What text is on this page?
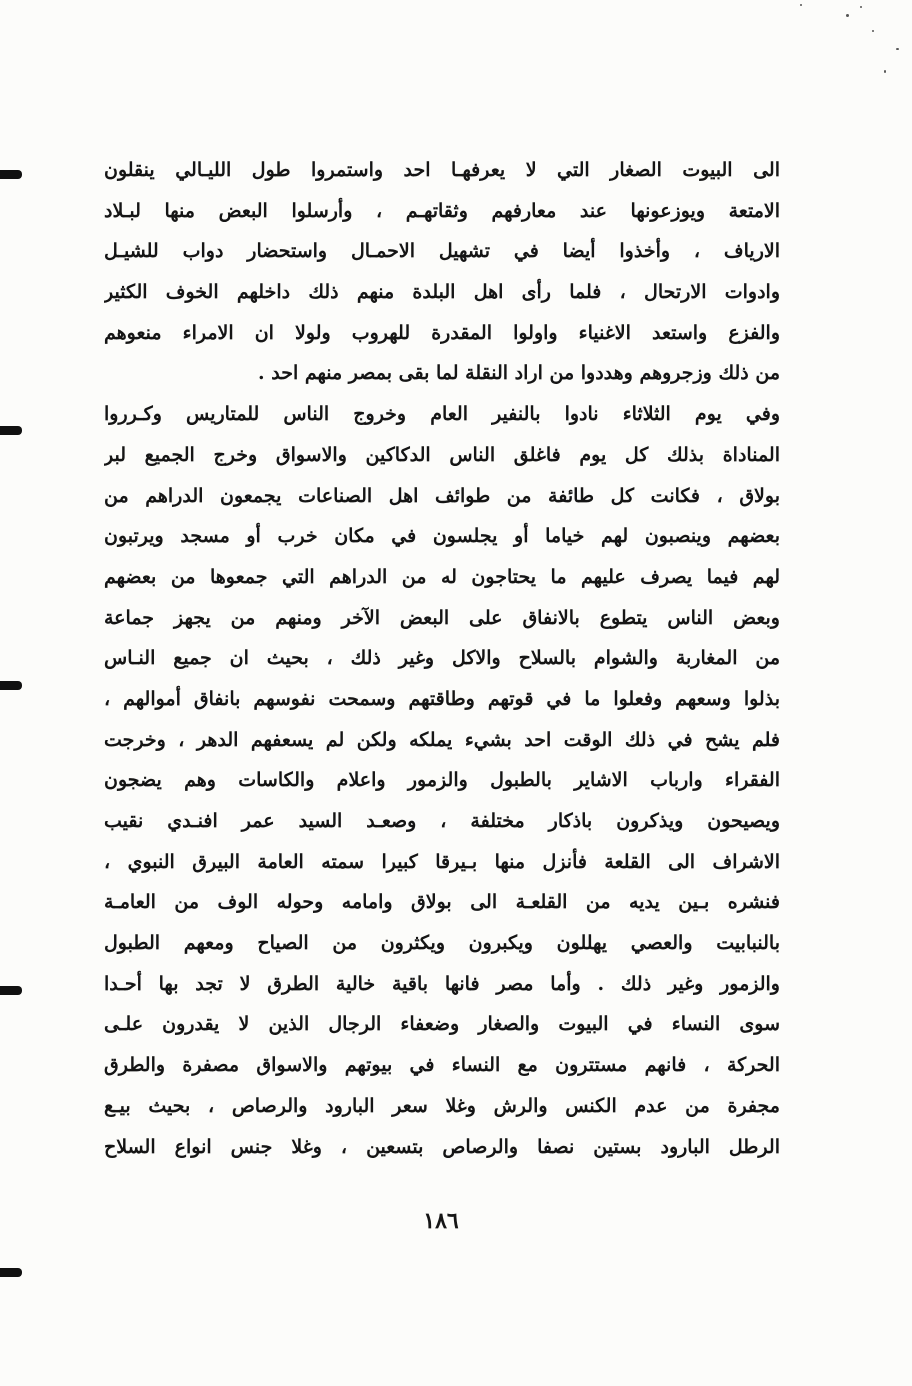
الى البيوت الصغار التي لا يعرفهـا احد واستمروا طول الليـالي ينقلون
الامتعة ويوزعونها عند معارفهم وثقاتهـم ، وأرسلوا البعض منها لبـلاد
الارياف ، وأخذوا أيضا في تشهيل الاحمـال واستحضار دواب للشيـل
وادوات الارتحال ، فلما رأى اهل البلدة منهم ذلك داخلهم الخوف الكثير
والفزع واستعد الاغنياء واولوا المقدرة للهروب ولولا ان الامراء منعوهم
من ذلك وزجروهم وهددوا من اراد النقلة لما بقى بمصر منهم احد .
وفي يوم الثلاثاء نادوا بالنفير العام وخروج الناس للمتاريس وكـرروا
المناداة بذلك كل يوم فاغلق الناس الدكاكين والاسواق وخرج الجميع لبر
بولاق ، فكانت كل طائفة من طوائف اهل الصناعات يجمعون الدراهم من
بعضهم وينصبون لهم خياما أو يجلسون في مكان خرب أو مسجد ويرتبون
لهم فيما يصرف عليهم ما يحتاجون له من الدراهم التي جمعوها من بعضهم
وبعض الناس يتطوع بالانفاق على البعض الآخر ومنهم من يجهز جماعة
من المغاربة والشوام بالسلاح والاكل وغير ذلك ، بحيث ان جميع النـاس
بذلوا وسعهم وفعلوا ما في قوتهم وطاقتهم وسمحت نفوسهم بانفاق أموالهم ،
فلم يشح في ذلك الوقت احد بشيء يملكه ولكن لم يسعفهم الدهر ، وخرجت
الفقراء وارباب الاشاير بالطبول والزمور واعلام والكاسات وهم يضجون
ويصيحون ويذكرون باذكار مختلفة ، وصعـد السيد عمر افنـدي نقيب
الاشراف الى القلعة فأنزل منها بـيرقا كبيرا سمته العامة البيرق النبوي ،
فنشره بـين يديه من القلعـة الى بولاق وامامه وحوله الوف من العامـة
بالنبابيت والعصي يهللون ويكبرون ويكثرون من الصياح ومعهم الطبول
والزمور وغير ذلك . وأما مصر فانها باقية خالية الطرق لا تجد بها أحـدا
سوى النساء في البيوت والصغار وضعفاء الرجال الذين لا يقدرون علـى
الحركة ، فانهم مستترون مع النساء في بيوتهم والاسواق مصفرة والطرق
مجفرة من عدم الكنس والرش وغلا سعر البارود والرصاص ، بحيث بيـع
الرطل البارود بستين نصفا والرصاص بتسعين ، وغلا جنس انواع السلاح
١٨٦
